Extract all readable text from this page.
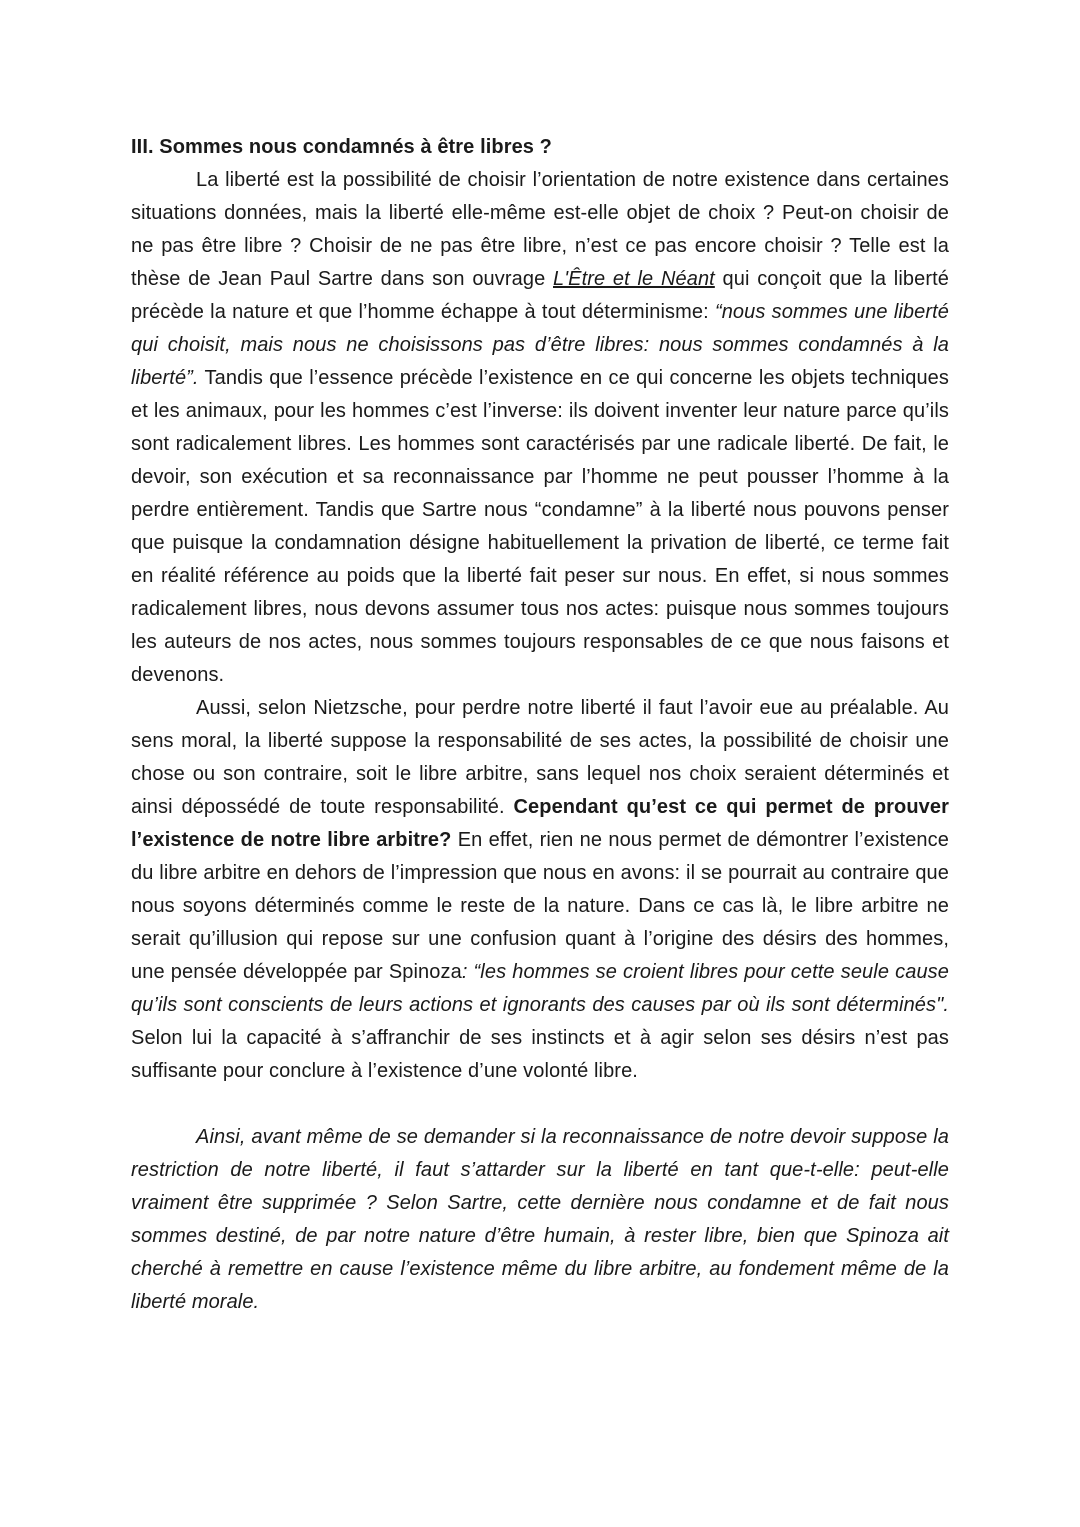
III. Sommes nous condamnés à être libres ?

La liberté est la possibilité de choisir l’orientation de notre existence dans certaines situations données, mais la liberté elle-même est-elle objet de choix ? Peut-on choisir de ne pas être libre ? Choisir de ne pas être libre, n’est ce pas encore choisir ? Telle est la thèse de Jean Paul Sartre dans son ouvrage L'Être et le Néant qui conçoit que la liberté précède la nature et que l’homme échappe à tout déterminisme: “nous sommes une liberté qui choisit, mais nous ne choisissons pas d’être libres: nous sommes condamnés à la liberté”. Tandis que l’essence précède l’existence en ce qui concerne les objets techniques et les animaux, pour les hommes c’est l’inverse: ils doivent inventer leur nature parce qu’ils sont radicalement libres. Les hommes sont caractérisés par une radicale liberté. De fait, le devoir, son exécution et sa reconnaissance par l’homme ne peut pousser l’homme à la perdre entièrement. Tandis que Sartre nous “condamne” à la liberté nous pouvons penser que puisque la condamnation désigne habituellement la privation de liberté, ce terme fait en réalité référence au poids que la liberté fait peser sur nous. En effet, si nous sommes radicalement libres, nous devons assumer tous nos actes: puisque nous sommes toujours les auteurs de nos actes, nous sommes toujours responsables de ce que nous faisons et devenons.

Aussi, selon Nietzsche, pour perdre notre liberté il faut l’avoir eue au préalable. Au sens moral, la liberté suppose la responsabilité de ses actes, la possibilité de choisir une chose ou son contraire, soit le libre arbitre, sans lequel nos choix seraient déterminés et ainsi dépossédé de toute responsabilité. Cependant qu’est ce qui permet de prouver l’existence de notre libre arbitre? En effet, rien ne nous permet de démontrer l’existence du libre arbitre en dehors de l’impression que nous en avons: il se pourrait au contraire que nous soyons déterminés comme le reste de la nature. Dans ce cas là, le libre arbitre ne serait qu’illusion qui repose sur une confusion quant à l’origine des désirs des hommes, une pensée développée par Spinoza: “les hommes se croient libres pour cette seule cause qu’ils sont conscients de leurs actions et ignorants des causes par où ils sont déterminés". Selon lui la capacité à s’affranchir de ses instincts et à agir selon ses désirs n’est pas suffisante pour conclure à l’existence d’une volonté libre.

Ainsi, avant même de se demander si la reconnaissance de notre devoir suppose la restriction de notre liberté, il faut s’attarder sur la liberté en tant que-t-elle: peut-elle vraiment être supprimée ? Selon Sartre, cette dernière nous condamne et de fait nous sommes destiné, de par notre nature d’être humain, à rester libre, bien que Spinoza ait cherché à remettre en cause l’existence même du libre arbitre, au fondement même de la liberté morale.
